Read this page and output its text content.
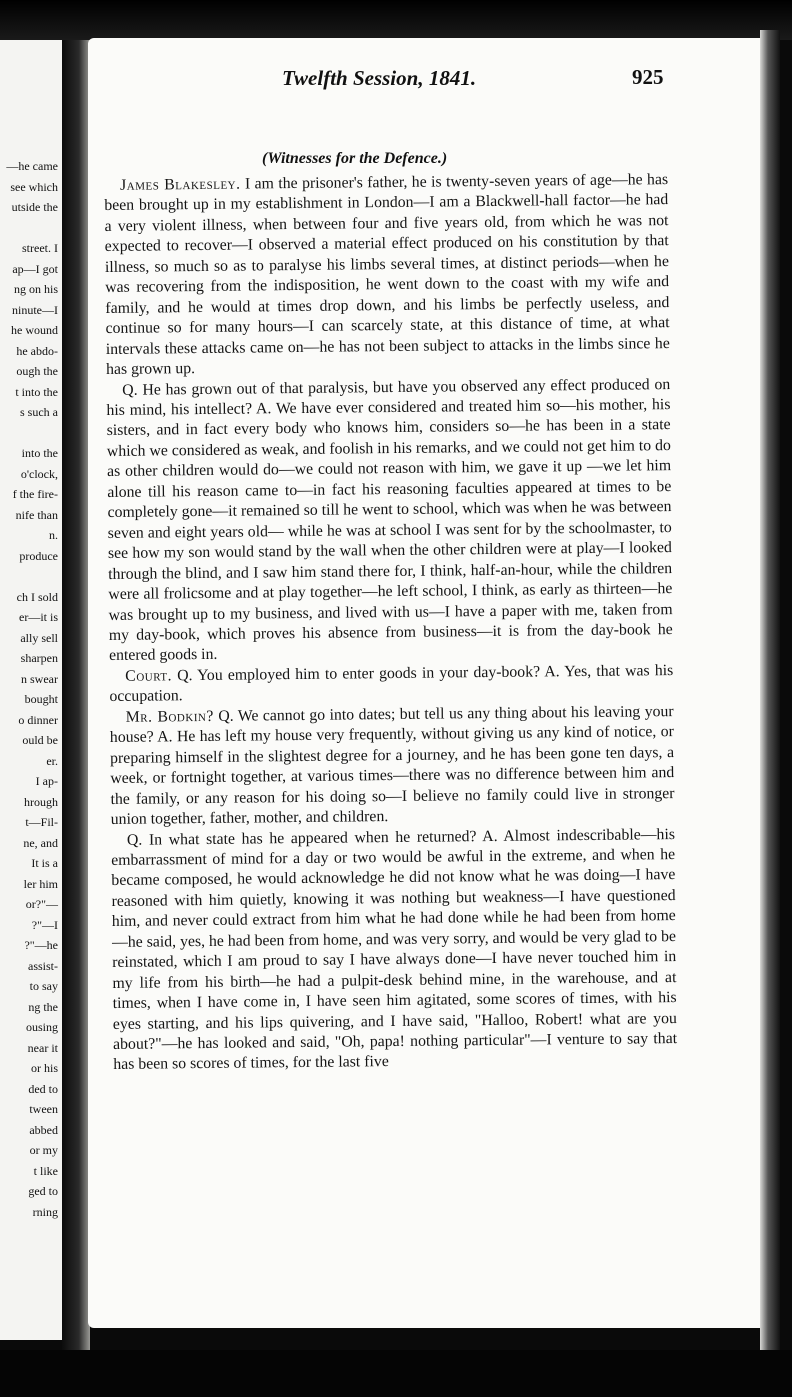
—he came
see which
utside the
street. I
ap—I got
ng on his
ninute—I
he wound
he abdo-
ough the
t into the
s such a
into the
o'clock,
f the fire-
nife than
n.
produce
ch I sold
er—it is
ally sell
sharpen
n swear
bought
o dinner
ould be
er.
I ap-
hrough
t—Fil-
ne, and
It is a
ler him
or?"—
?"—I
?"—he
assist-
to say
ng the
ousing
near it
or his
ded to
tween
abbed
or my
t like
ged to
rning
Twelfth Session, 1841.	925
(Witnesses for the Defence.)

James Blakesley. I am the prisoner's father, he is twenty-seven years of age—he has been brought up in my establishment in London—I am a Blackwell-hall factor—he had a very violent illness, when between four and five years old, from which he was not expected to recover—I observed a material effect produced on his constitution by that illness, so much so as to paralyse his limbs several times, at distinct periods—when he was recovering from the indisposition, he went down to the coast with my wife and family, and he would at times drop down, and his limbs be perfectly useless, and continue so for many hours—I can scarcely state, at this distance of time, at what intervals these attacks came on—he has not been subject to attacks in the limbs since he has grown up.

Q. He has grown out of that paralysis, but have you observed any effect produced on his mind, his intellect? A. We have ever considered and treated him so—his mother, his sisters, and in fact every body who knows him, considers so—he has been in a state which we considered as weak, and foolish in his remarks, and we could not get him to do as other children would do—we could not reason with him, we gave it up —we let him alone till his reason came to—in fact his reasoning faculties appeared at times to be completely gone—it remained so till he went to school, which was when he was between seven and eight years old— while he was at school I was sent for by the schoolmaster, to see how my son would stand by the wall when the other children were at play—I looked through the blind, and I saw him stand there for, I think, half-an-hour, while the children were all frolicsome and at play together—he left school, I think, as early as thirteen—he was brought up to my business, and lived with us—I have a paper with me, taken from my day-book, which proves his absence from business—it is from the day-book he entered goods in.

Court. Q. You employed him to enter goods in your day-book? A. Yes, that was his occupation.

Mr. Bodkin? Q. We cannot go into dates; but tell us any thing about his leaving your house? A. He has left my house very frequently, without giving us any kind of notice, or preparing himself in the slightest degree for a journey, and he has been gone ten days, a week, or fortnight together, at various times—there was no difference between him and the family, or any reason for his doing so—I believe no family could live in stronger union together, father, mother, and children.

Q. In what state has he appeared when he returned? A. Almost indescribable—his embarrassment of mind for a day or two would be awful in the extreme, and when he became composed, he would acknowledge he did not know what he was doing—I have reasoned with him quietly, knowing it was nothing but weakness—I have questioned him, and never could extract from him what he had done while he had been from home —he said, yes, he had been from home, and was very sorry, and would be very glad to be reinstated, which I am proud to say I have always done—I have never touched him in my life from his birth—he had a pulpit-desk behind mine, in the warehouse, and at times, when I have come in, I have seen him agitated, some scores of times, with his eyes starting, and his lips quivering, and I have said, "Halloo, Robert! what are you about?"—he has looked and said, "Oh, papa! nothing particular"—I venture to say that has been so scores of times, for the last five
